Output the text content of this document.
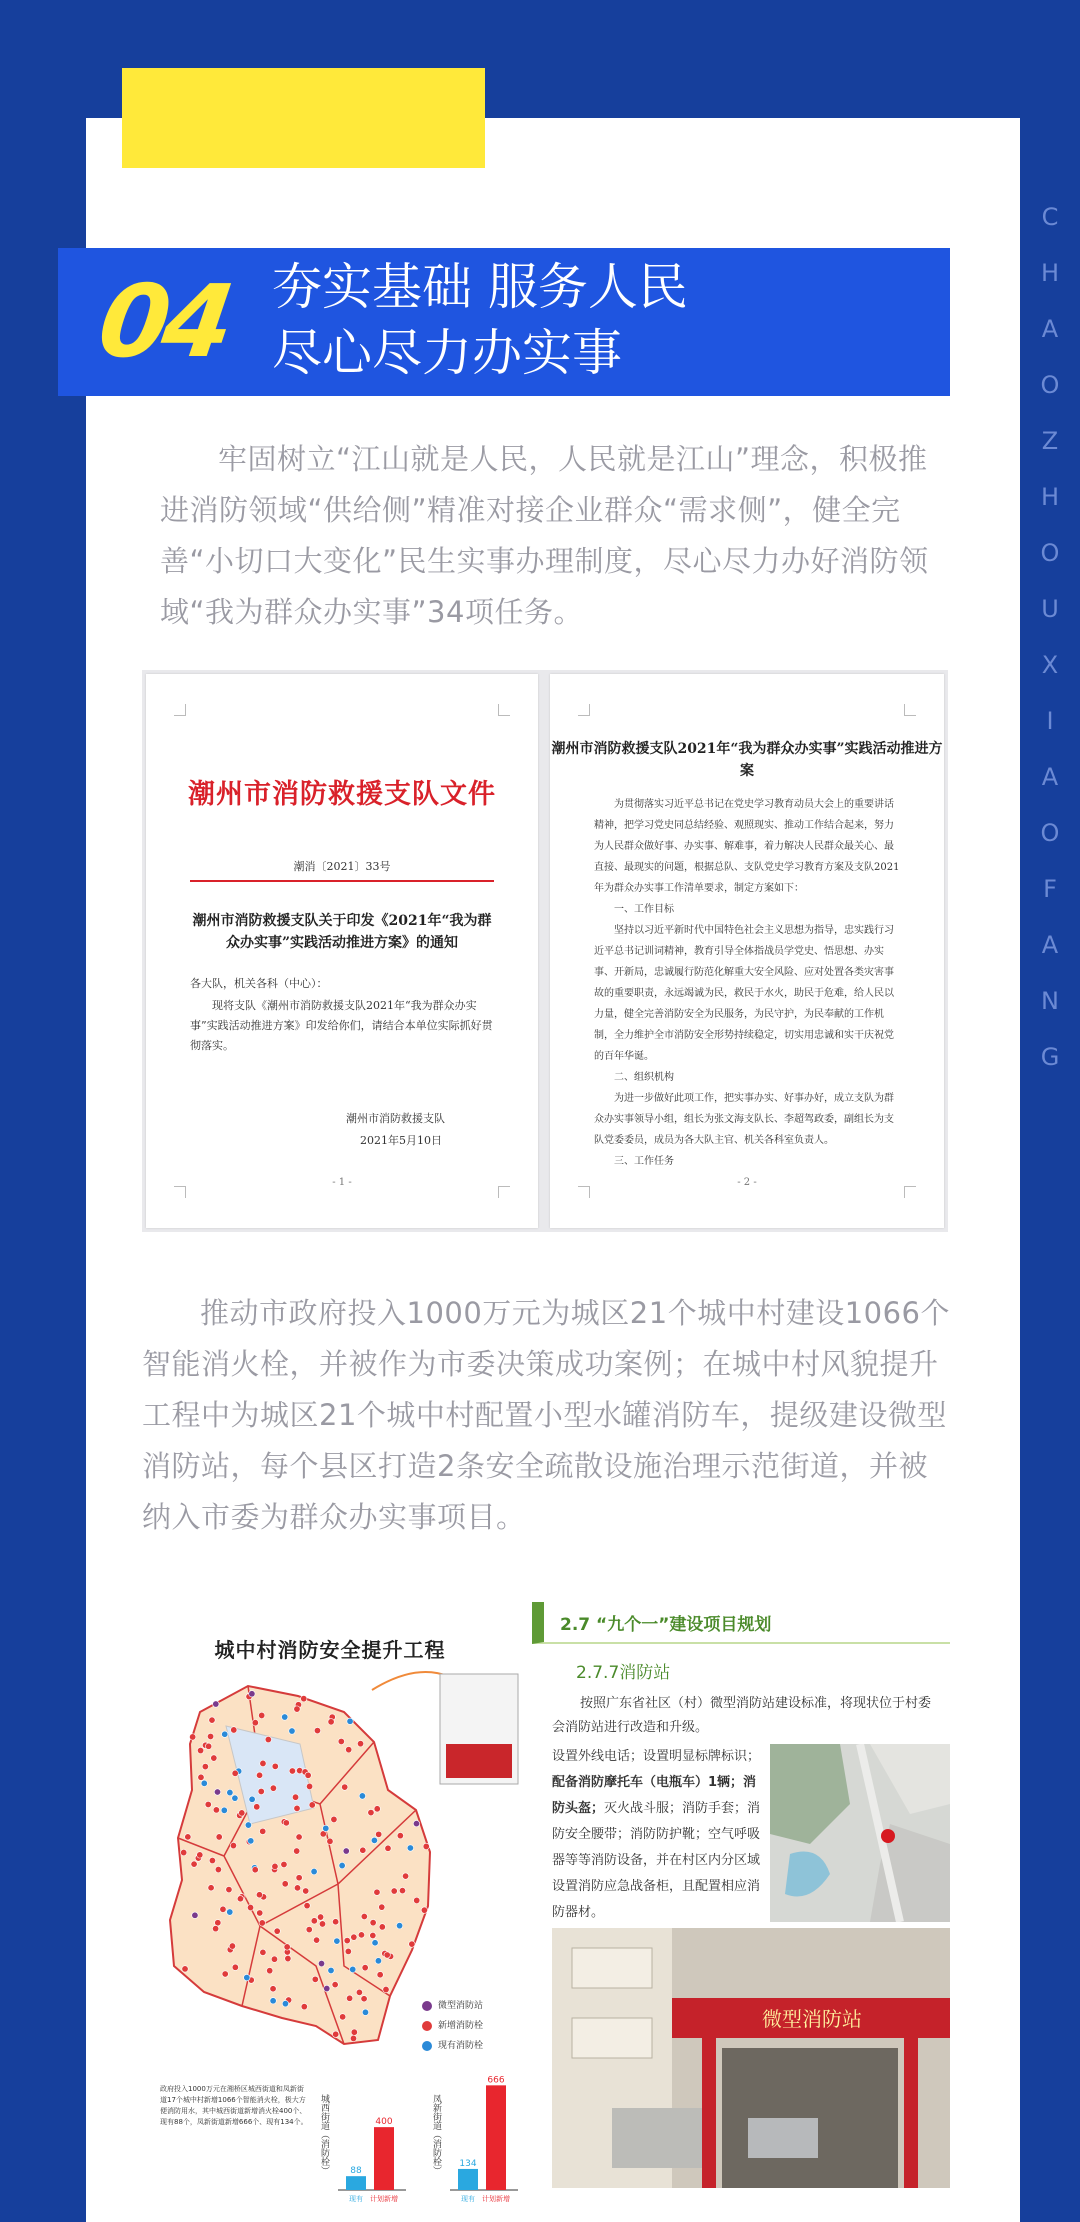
C
H
A
O
Z
H
O
U
X
I
A
O
F
A
N
G
04 夯实基础 服务人民
尽心尽力办实事
牢固树立“江山就是人民，人民就是江山”理念，积极推进消防领域“供给侧”精准对接企业群众“需求侧”，健全完善“小切口大变化”民生实事办理制度，尽心尽力办好消防领域“我为群众办实事”34项任务。
潮州市消防救援支队文件
潮消〔2021〕33号
潮州市消防救援支队关于印发《2021年“我为群众办实事”实践活动推进方案》的通知
各大队，机关各科（中心）：
现将支队《潮州市消防救援支队2021年“我为群众办实事”实践活动推进方案》印发给你们，请结合本单位实际抓好贯彻落实。
潮州市消防救援支队
2021年5月10日
- 1 -
潮州市消防救援支队2021年“我为群众办实事”实践活动推进方案

为贯彻落实习近平总书记在党史学习教育动员大会上的重要讲话精神，把学习党史同总结经验、观照现实、推动工作结合起来，努力为人民群众做好事、办实事、解难事，着力解决人民群众最关心、最直接、最现实的问题，根据总队、支队党史学习教育方案及支队2021年为群众办实事工作清单要求，制定方案如下：

一、工作目标

坚持以习近平新时代中国特色社会主义思想为指导，忠实践行习近平总书记训词精神，教育引导全体指战员学党史、悟思想、办实事、开新局，忠诚履行防范化解重大安全风险、应对处置各类灾害事故的重要职责，永远竭诚为民，救民于水火，助民于危难，给人民以力量，健全完善消防安全为民服务，为民守护，为民奉献的工作机制，全力维护全市消防安全形势持续稳定，切实用忠诚和实干庆祝党的百年华诞。

二、组织机构

为进一步做好此项工作，把实事办实、好事办好，成立支队为群众办实事领导小组，组长为张文海支队长、李超驾政委，副组长为支队党委委员，成员为各大队主官、机关各科室负责人。

三、工作任务

- 2 -
推动市政府投入1000万元为城区21个城中村建设1066个智能消火栓，并被作为市委决策成功案例；在城中村风貌提升工程中为城区21个城中村配置小型水罐消防车，提级建设微型消防站，每个县区打造2条安全疏散设施治理示范街道，并被纳入市委为群众办实事项目。
城中村消防安全提升工程
微型消防站
新增消防栓
现有消防栓
政府投入1000万元在湘桥区城西街道和凤新街道17个城中村新增1066个智能消火栓，极大方便消防用水，其中城西街道新增消火栓400个、现有88个，凤新街道新增666个、现有134个。 城西街道（消防栓） 88
现有
400
计划新增
凤新街道（消防栓） 134
现有
666
计划新增
2.7 “九个一”建设项目规划
2.7.7消防站
按照广东省社区（村）微型消防站建设标准，将现状位于村委会消防站进行改造和升级。
设置外线电话；设置明显标牌标识；配备消防摩托车（电瓶车）1辆；消防头盔；灭火战斗服；消防手套；消防安全腰带；消防防护靴；空气呼吸器等等消防设备，并在村区内分区域设置消防应急战备柜，且配置相应消防器材。
微型消防站
